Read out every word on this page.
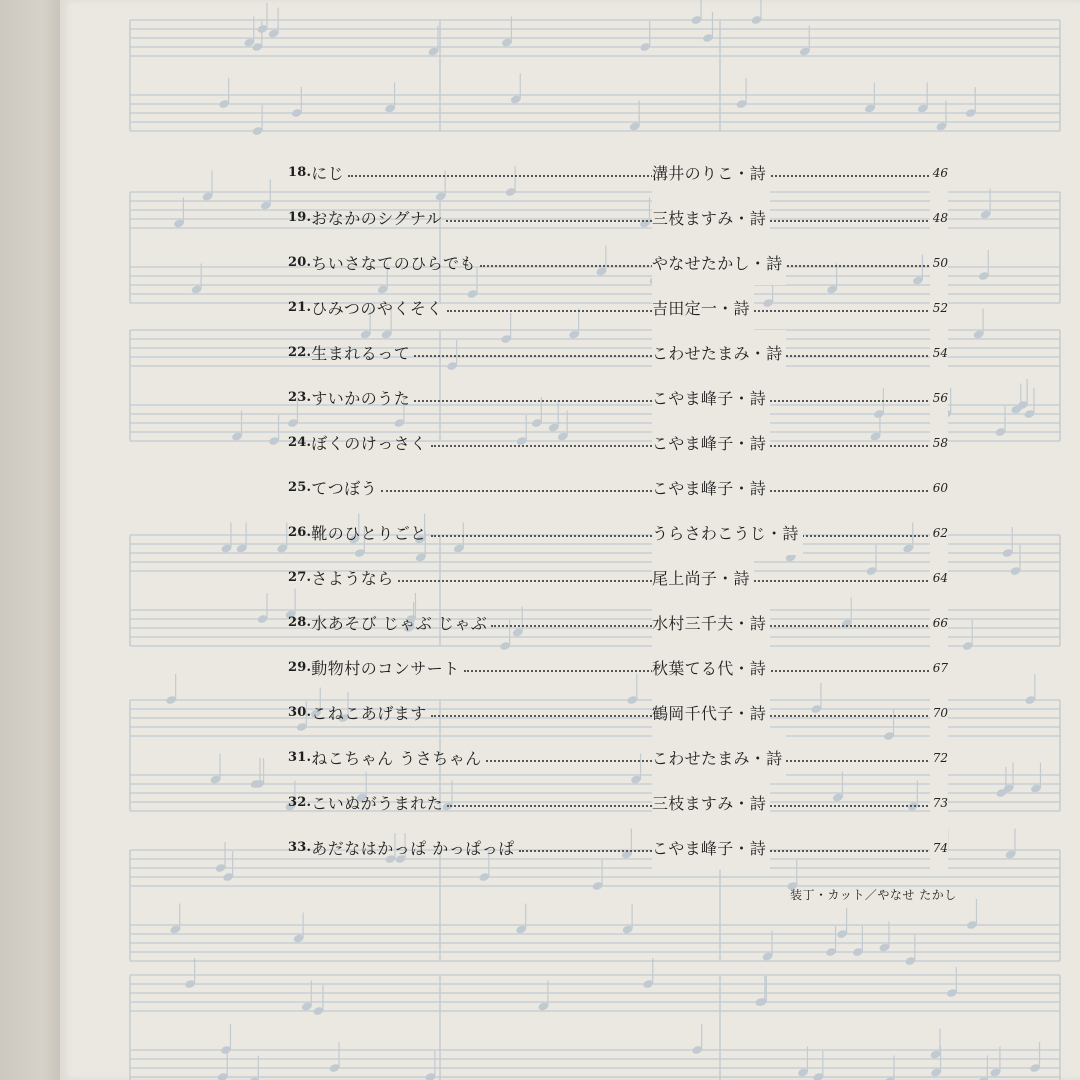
18. にじ	溝井のりこ・詩	46
19. おなかのシグナル	三枝ますみ・詩	48
20. ちいさなてのひらでも	やなせたかし・詩	50
21. ひみつのやくそく	吉田定一・詩	52
22. 生まれるって	こわせたまみ・詩	54
23. すいかのうた	こやま峰子・詩	56
24. ぼくのけっさく	こやま峰子・詩	58
25. てつぼう	こやま峰子・詩	60
26. 靴のひとりごと	うらさわこうじ・詩	62
27. さようなら	尾上尚子・詩	64
28. 水あそび じゃぶ じゃぶ	水村三千夫・詩	66
29. 動物村のコンサート	秋葉てる代・詩	67
30. こねこあげます	鶴岡千代子・詩	70
31. ねこちゃん うさちゃん	こわせたまみ・詩	72
32. こいぬがうまれた	三枝ますみ・詩	73
33. あだなはかっぱ かっぱっぱ	こやま峰子・詩	74
装丁・カット／やなせ たかし
